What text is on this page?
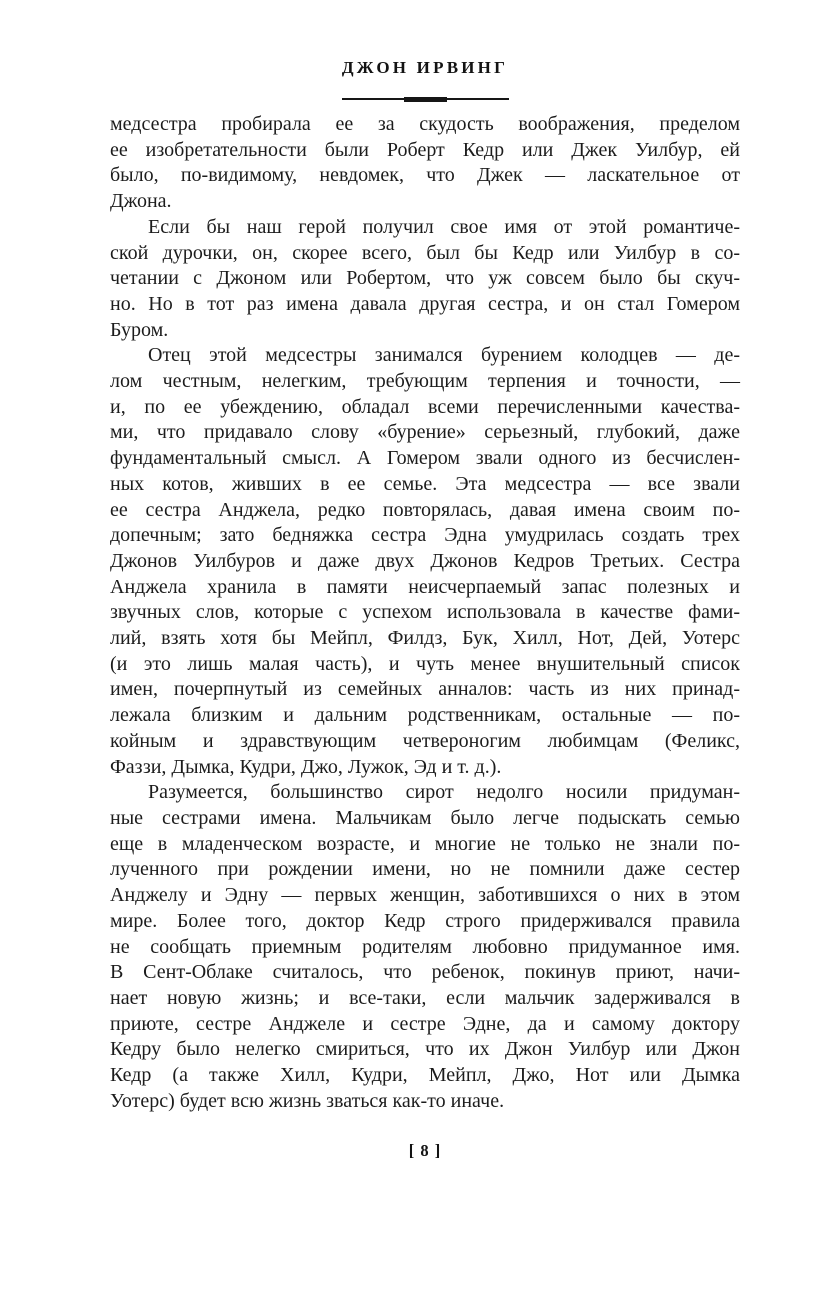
ДЖОН ИРВИНГ

медсестра пробирала ее за скудость воображения, пределом
ее изобретательности были Роберт Кедр или Джек Уилбур, ей
было, по-видимому, невдомек, что Джек — ласкательное от
Джона.

Если бы наш герой получил свое имя от этой романтиче-
ской дурочки, он, скорее всего, был бы Кедр или Уилбур в со-
четании с Джоном или Робертом, что уж совсем было бы скуч-
но. Но в тот раз имена давала другая сестра, и он стал Гомером
Буром.

Отец этой медсестры занимался бурением колодцев — де-
лом честным, нелегким, требующим терпения и точности, —
и, по ее убеждению, обладал всеми перечисленными качества-
ми, что придавало слову «бурение» серьезный, глубокий, даже
фундаментальный смысл. А Гомером звали одного из бесчислен-
ных котов, живших в ее семье. Эта медсестра — все звали
ее сестра Анджела, редко повторялась, давая имена своим по-
допечным; зато бедняжка сестра Эдна умудрилась создать трех
Джонов Уилбуров и даже двух Джонов Кедров Третьих. Сестра
Анджела хранила в памяти неисчерпаемый запас полезных и
звучных слов, которые с успехом использовала в качестве фами-
лий, взять хотя бы Мейпл, Филдз, Бук, Хилл, Нот, Дей, Уотерс
(и это лишь малая часть), и чуть менее внушительный список
имен, почерпнутый из семейных анналов: часть из них принад-
лежала близким и дальним родственникам, остальные — по-
койным и здравствующим четвероногим любимцам (Феликс,
Фаззи, Дымка, Кудри, Джо, Лужок, Эд и т. д.).

Разумеется, большинство сирот недолго носили придуман-
ные сестрами имена. Мальчикам было легче подыскать семью
еще в младенческом возрасте, и многие не только не знали по-
лученного при рождении имени, но не помнили даже сестер
Анджелу и Эдну — первых женщин, заботившихся о них в этом
мире. Более того, доктор Кедр строго придерживался правила
не сообщать приемным родителям любовно придуманное имя.
В Сент-Облаке считалось, что ребенок, покинув приют, начи-
нает новую жизнь; и все-таки, если мальчик задерживался в
приюте, сестре Анджеле и сестре Эдне, да и самому доктору
Кедру было нелегко смириться, что их Джон Уилбур или Джон
Кедр (а также Хилл, Кудри, Мейпл, Джо, Нот или Дымка
Уотерс) будет всю жизнь зваться как-то иначе.

[ 8 ]
